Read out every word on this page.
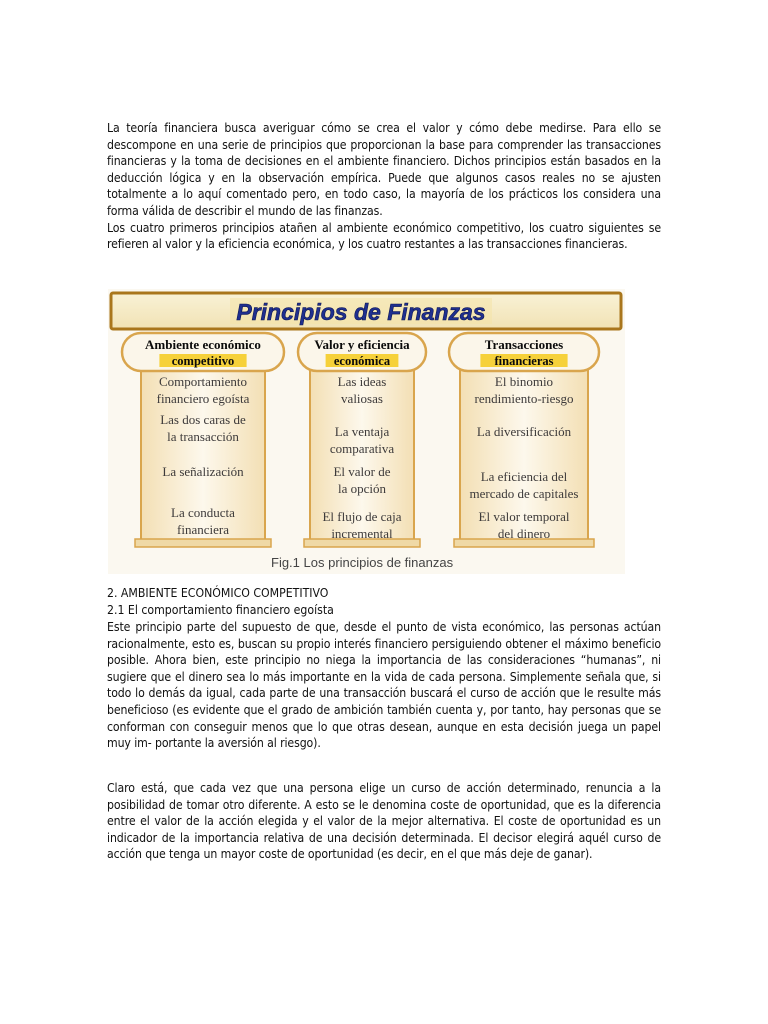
La teoría financiera busca averiguar cómo se crea el valor y cómo debe medirse. Para ello se descompone en una serie de principios que proporcionan la base para comprender las transacciones financieras y la toma de decisiones en el ambiente financiero. Dichos principios están basados en la deducción lógica y en la observación empírica. Puede que algunos casos reales no se ajusten totalmente a lo aquí comentado pero, en todo caso, la mayoría de los prácticos los considera una forma válida de describir el mundo de las finanzas.

Los cuatro primeros principios atañen al ambiente económico competitivo, los cuatro siguientes se refieren al valor y la eficiencia económica, y los cuatro restantes a las transacciones financieras.

Principios de Finanzas
Ambiente económico
competitivo
Comportamiento
financiero egoísta
Las dos caras de
la transacción
La señalización
La conducta
financiera
Valor y eficiencia
económica
Las ideas
valiosas
La ventaja
comparativa
El valor de
la opción
El flujo de caja
incremental
Transacciones
financieras
El binomio
rendimiento-riesgo
La diversificación
La eficiencia del
mercado de capitales
El valor temporal
del dinero
Fig.1 Los principios de finanzas
2. AMBIENTE ECONÓMICO COMPETITIVO
2.1 El comportamiento financiero egoísta
Este principio parte del supuesto de que, desde el punto de vista económico, las personas actúan racionalmente, esto es, buscan su propio interés financiero persiguiendo obtener el máximo beneficio posible. Ahora bien, este principio no niega la importancia de las consideraciones “humanas”, ni sugiere que el dinero sea lo más importante en la vida de cada persona. Simplemente señala que, si todo lo demás da igual, cada parte de una transacción buscará el curso de acción que le resulte más beneficioso (es evidente que el grado de ambición también cuenta y, por tanto, hay personas que se conforman con conseguir menos que lo que otras desean, aunque en esta decisión juega un papel muy im- portante la aversión al riesgo).
Claro está, que cada vez que una persona elige un curso de acción determinado, renuncia a la posibilidad de tomar otro diferente. A esto se le denomina coste de oportunidad, que es la diferencia entre el valor de la acción elegida y el valor de la mejor alternativa. El coste de oportunidad es un indicador de la importancia relativa de una decisión determinada. El decisor elegirá aquél curso de acción que tenga un mayor coste de oportunidad (es decir, en el que más deje de ganar).
